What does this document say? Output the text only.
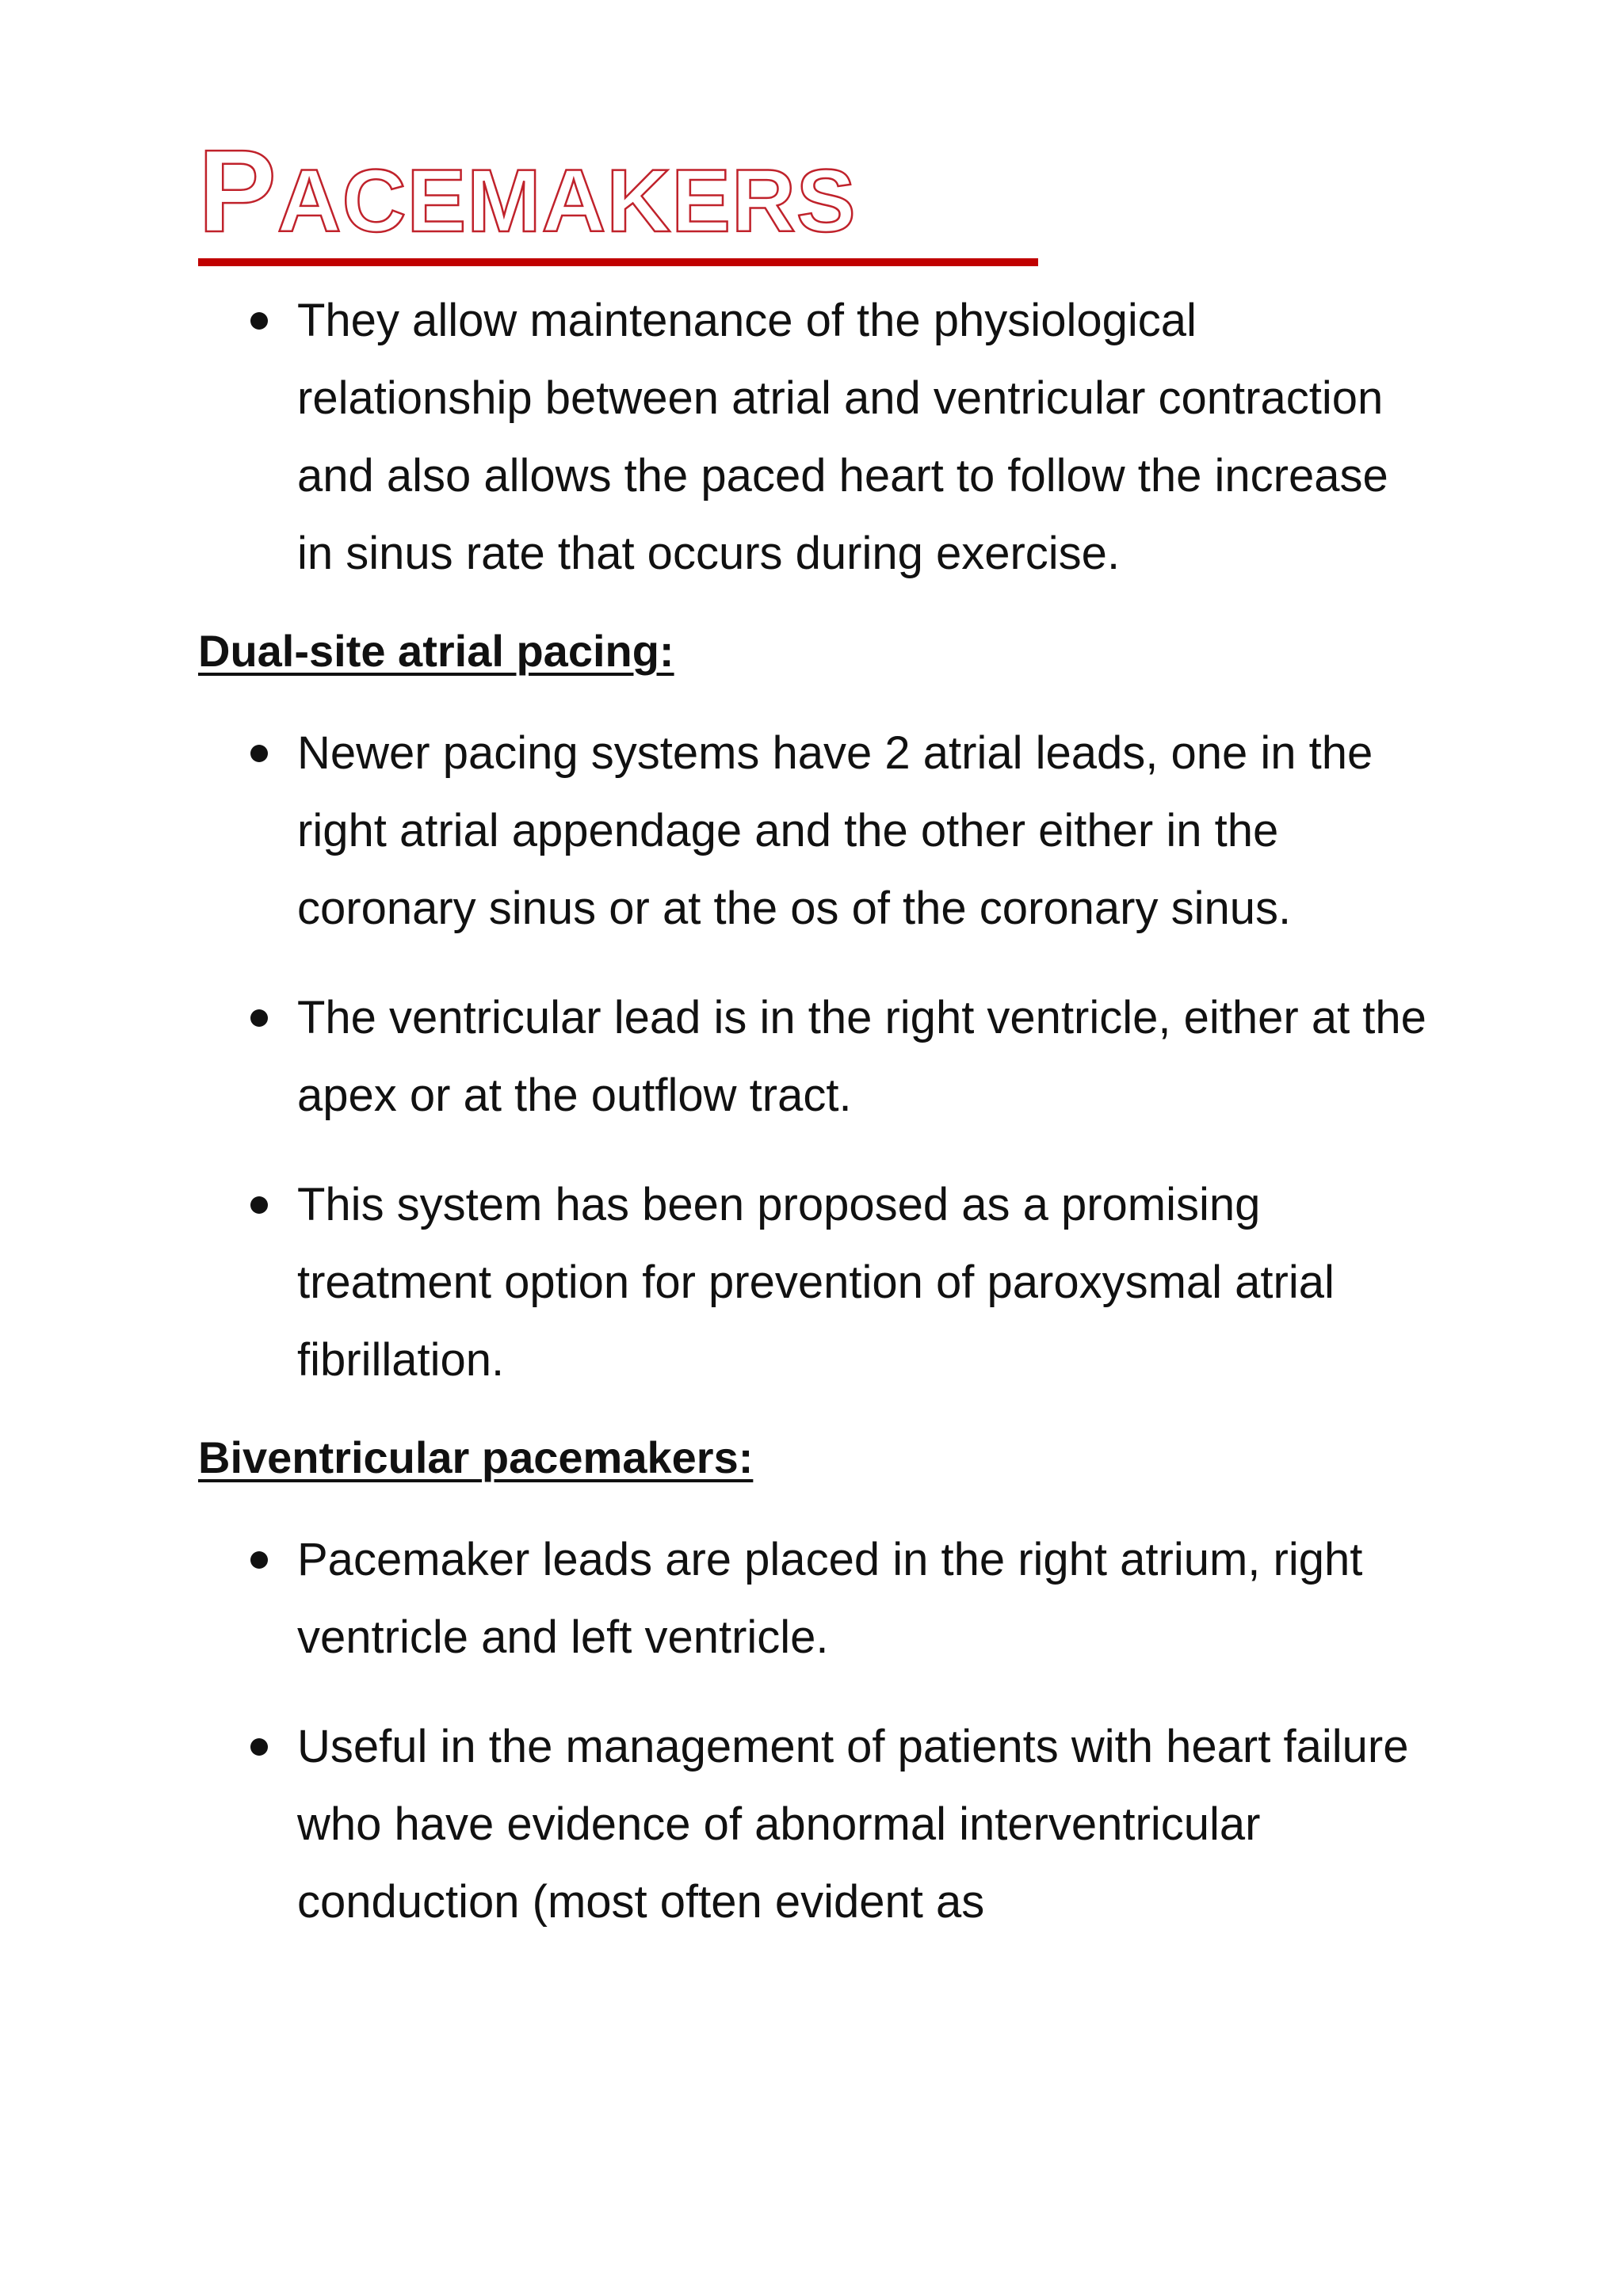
PACEMAKERS
They allow maintenance of the physiological relationship between atrial and ventricular contraction and also allows the paced heart to follow the increase in sinus rate that occurs during exercise.

Dual-site atrial pacing:

Newer pacing systems have 2 atrial leads, one in the right atrial appendage and the other either in the coronary sinus or at the os of the coronary sinus.
The ventricular lead is in the right ventricle, either at the apex or at the outflow tract.
This system has been proposed as a promising treatment option for prevention of paroxysmal atrial fibrillation.

Biventricular pacemakers:

Pacemaker leads are placed in the right atrium, right ventricle and left ventricle.
Useful in the management of patients with heart failure who have evidence of abnormal interventricular conduction (most often evident as
